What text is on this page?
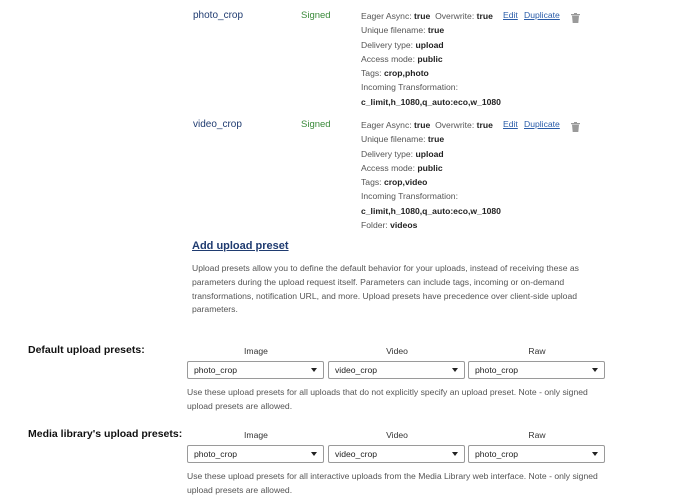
photo_crop	Signed	Eager Async: true Overwrite: true
Unique filename: true
Delivery type: upload
Access mode: public
Tags: crop,photo
Incoming Transformation:
c_limit,h_1080,q_auto:eco,w_1080
Edit Duplicate
video_crop	Signed	Eager Async: true Overwrite: true
Unique filename: true
Delivery type: upload
Access mode: public
Tags: crop,video
Incoming Transformation:
c_limit,h_1080,q_auto:eco,w_1080
Folder: videos
Edit Duplicate
Add upload preset
Upload presets allow you to define the default behavior for your uploads, instead of receiving these as parameters during the upload request itself. Parameters can include tags, incoming or on-demand transformations, notification URL, and more. Upload presets have precedence over client-side upload parameters.
Default upload presets:	Image	Video	Raw
photo_crop	video_crop	photo_crop
Use these upload presets for all uploads that do not explicitly specify an upload preset. Note - only signed upload presets are allowed.
Media library's upload presets:	Image	Video	Raw
photo_crop	video_crop	photo_crop
Use these upload presets for all interactive uploads from the Media Library web interface. Note - only signed upload presets are allowed.
